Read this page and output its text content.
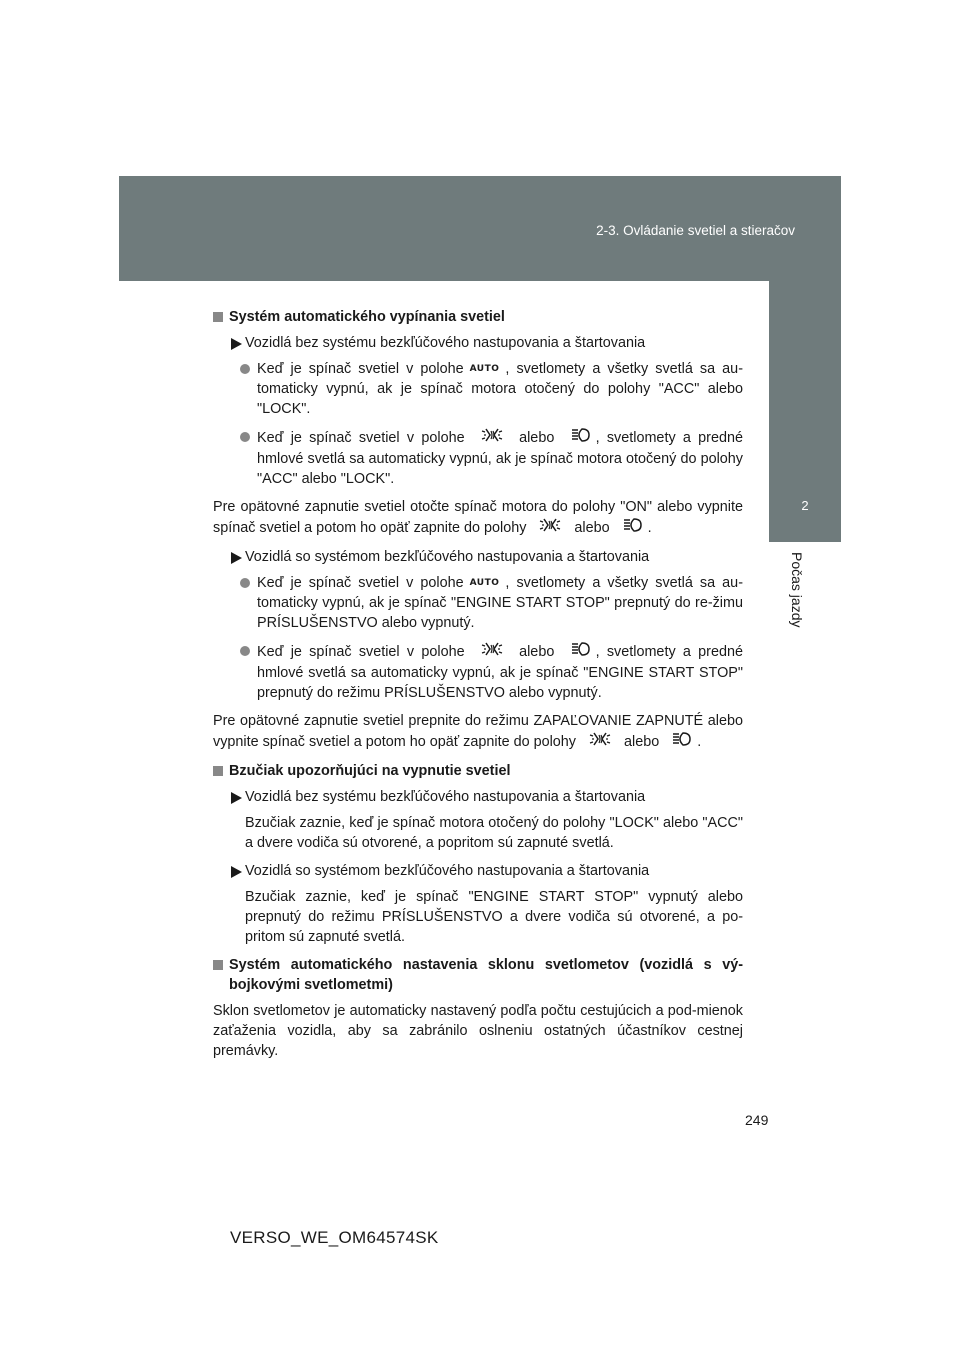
2-3. Ovládanie svetiel a stieračov
2
Počas jazdy
Systém automatického vypínania svetiel
Vozidlá bez systému bezkľúčového nastupovania a štartovania
Keď je spínač svetiel v polohe AUTO , svetlomety a všetky svetlá sa au-tomaticky vypnú, ak je spínač motora otočený do polohy "ACC" alebo "LOCK".
Keď je spínač svetiel v polohe	alebo	, svetlomety a predné hmlové svetlá sa automaticky vypnú, ak je spínač motora otočený do polohy "ACC" alebo "LOCK".
Pre opätovné zapnutie svetiel otočte spínač motora do polohy "ON" alebo vypnite spínač svetiel a potom ho opäť zapnite do polohy	alebo	.
Vozidlá so systémom bezkľúčového nastupovania a štartovania
Keď je spínač svetiel v polohe AUTO , svetlomety a všetky svetlá sa au-tomaticky vypnú, ak je spínač "ENGINE START STOP" prepnutý do re-žimu PRÍSLUŠENSTVO alebo vypnutý.
Keď je spínač svetiel v polohe	alebo	, svetlomety a predné hmlové svetlá sa automaticky vypnú, ak je spínač "ENGINE START STOP" prepnutý do režimu PRÍSLUŠENSTVO alebo vypnutý.
Pre opätovné zapnutie svetiel prepnite do režimu ZAPAĽOVANIE ZAPNUTÉ alebo vypnite spínač svetiel a potom ho opäť zapnite do polohy	alebo	.
Bzučiak upozorňujúci na vypnutie svetiel
Vozidlá bez systému bezkľúčového nastupovania a štartovania
Bzučiak zaznie, keď je spínač motora otočený do polohy "LOCK" alebo "ACC" a dvere vodiča sú otvorené, a popritom sú zapnuté svetlá.
Vozidlá so systémom bezkľúčového nastupovania a štartovania
Bzučiak zaznie, keď je spínač "ENGINE START STOP" vypnutý alebo prepnutý do režimu PRÍSLUŠENSTVO a dvere vodiča sú otvorené, a po-pritom sú zapnuté svetlá.
Systém automatického nastavenia sklonu svetlometov (vozidlá s vý-bojkovými svetlometmi)
Sklon svetlometov je automaticky nastavený podľa počtu cestujúcich a pod-mienok zaťaženia vozidla, aby sa zabránilo oslneniu ostatných účastníkov cestnej premávky.
249
VERSO_WE_OM64574SK
